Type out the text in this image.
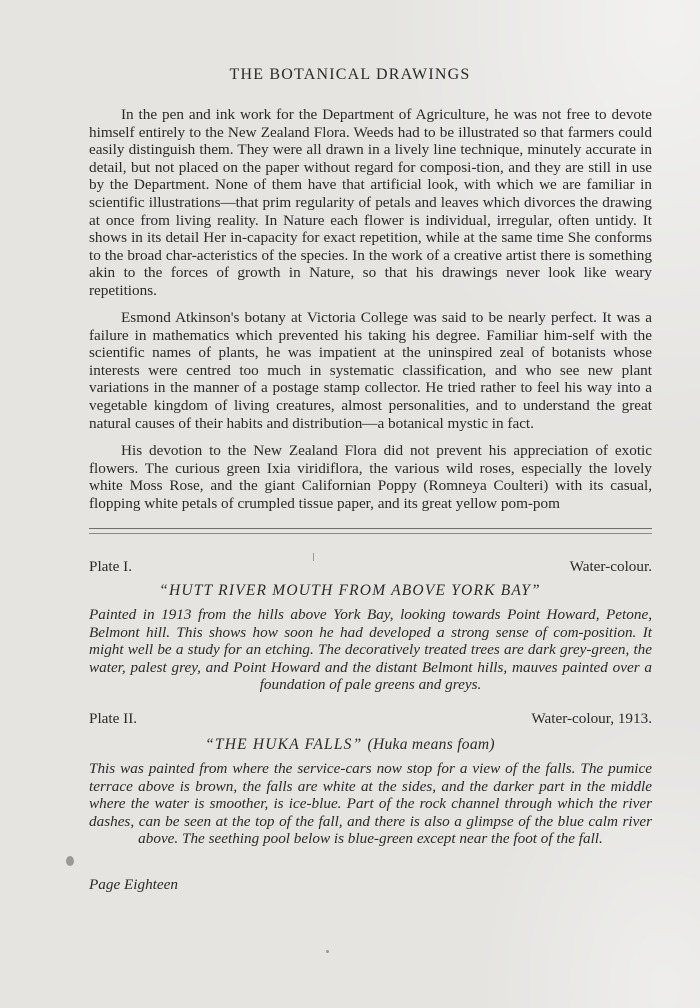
THE BOTANICAL DRAWINGS

In the pen and ink work for the Department of Agriculture, he was not free to devote himself entirely to the New Zealand Flora. Weeds had to be illustrated so that farmers could easily distinguish them. They were all drawn in a lively line technique, minutely accurate in detail, but not placed on the paper without regard for composi-tion, and they are still in use by the Department. None of them have that artificial look, with which we are familiar in scientific illustrations—that prim regularity of petals and leaves which divorces the drawing at once from living reality. In Nature each flower is individual, irregular, often untidy. It shows in its detail Her in-capacity for exact repetition, while at the same time She conforms to the broad char-acteristics of the species. In the work of a creative artist there is something akin to the forces of growth in Nature, so that his drawings never look like weary repetitions.

Esmond Atkinson's botany at Victoria College was said to be nearly perfect. It was a failure in mathematics which prevented his taking his degree. Familiar him-self with the scientific names of plants, he was impatient at the uninspired zeal of botanists whose interests were centred too much in systematic classification, and who see new plant variations in the manner of a postage stamp collector. He tried rather to feel his way into a vegetable kingdom of living creatures, almost personalities, and to understand the great natural causes of their habits and distribution—a botanical mystic in fact.

His devotion to the New Zealand Flora did not prevent his appreciation of exotic flowers. The curious green Ixia viridiflora, the various wild roses, especially the lovely white Moss Rose, and the giant Californian Poppy (Romneya Coulteri) with its casual, flopping white petals of crumpled tissue paper, and its great yellow pom-pom

Plate I.	Water-colour.
“HUTT RIVER MOUTH FROM ABOVE YORK BAY”
Painted in 1913 from the hills above York Bay, looking towards Point Howard, Petone, Belmont hill. This shows how soon he had developed a strong sense of com-position. It might well be a study for an etching. The decoratively treated trees are dark grey-green, the water, palest grey, and Point Howard and the distant Belmont hills, mauves painted over a foundation of pale greens and greys.
Plate II.	Water-colour, 1913.
“THE HUKA FALLS” (Huka means foam)
This was painted from where the service-cars now stop for a view of the falls. The pumice terrace above is brown, the falls are white at the sides, and the darker part in the middle where the water is smoother, is ice-blue. Part of the rock channel through which the river dashes, can be seen at the top of the fall, and there is also a glimpse of the blue calm river above. The seething pool below is blue-green except near the foot of the fall.
Page Eighteen
